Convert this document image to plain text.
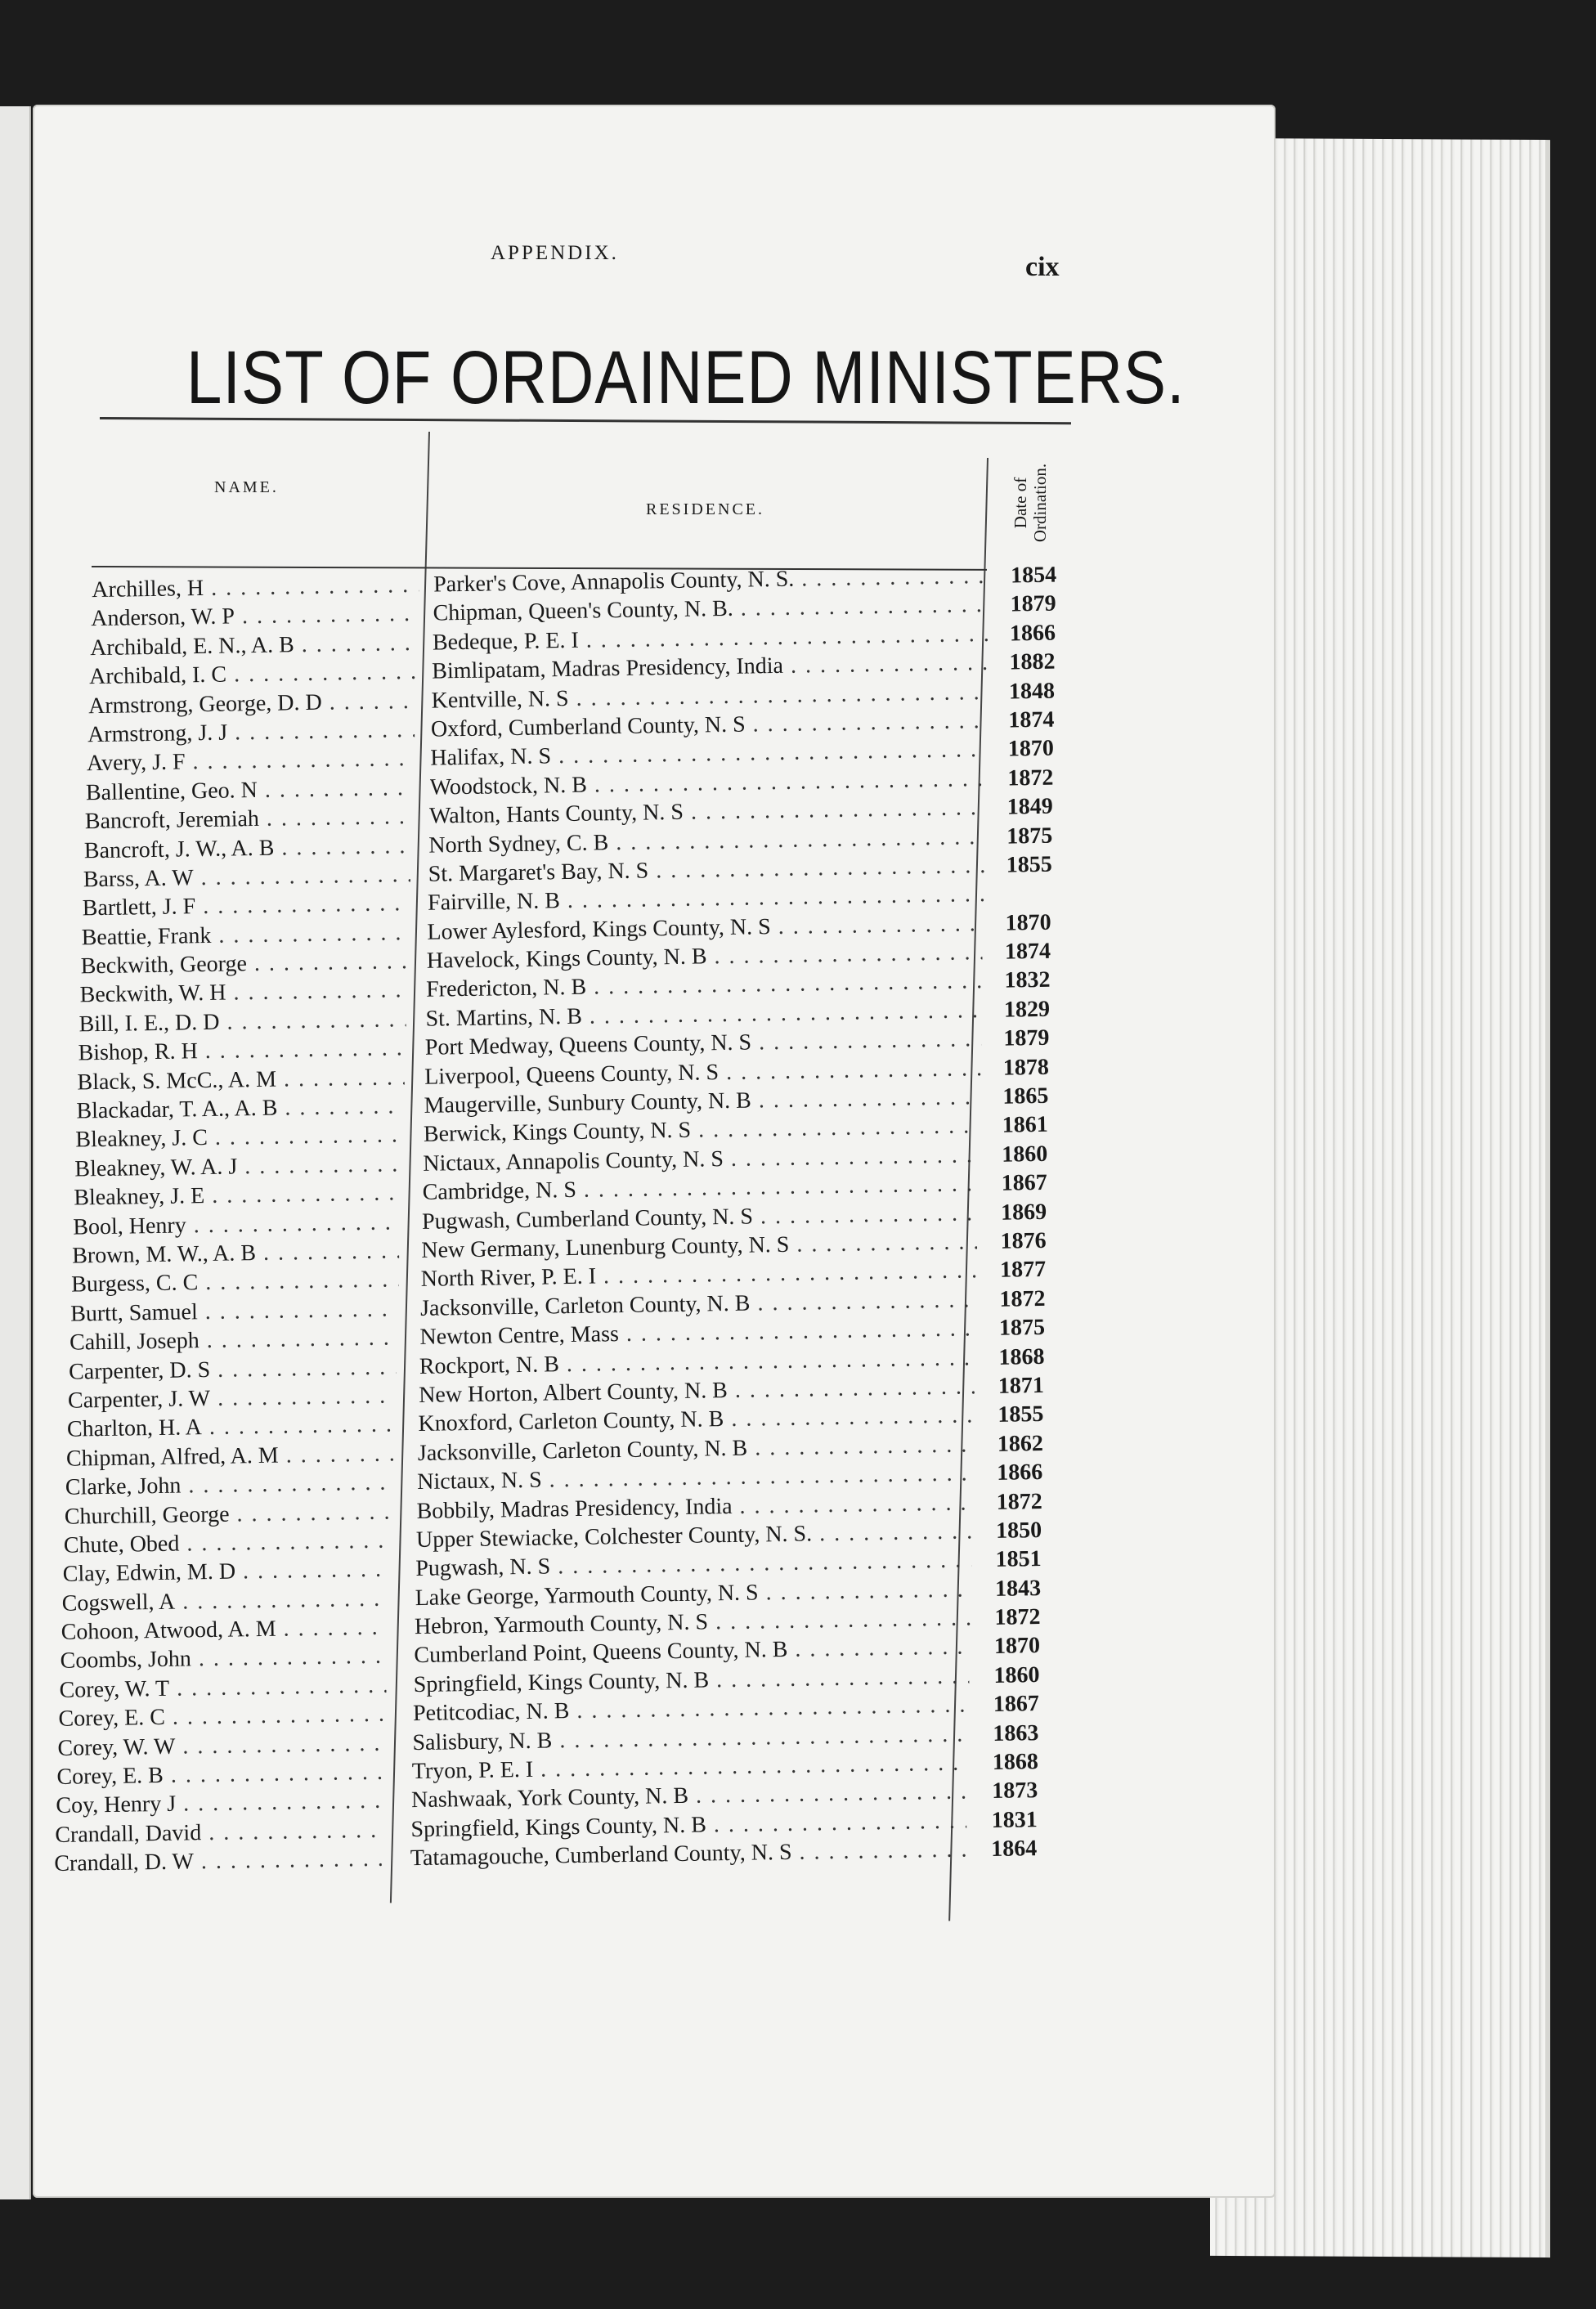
APPENDIX.	cix
LIST OF ORDAINED MINISTERS.
NAME.
RESIDENCE.	Date of Ordination.
Archilles, H . . .	Parker's Cove, Annapolis County, N. S. . . .	1854
Anderson, W. P . . .	Chipman, Queen's County, N. B. . . .	1879
Archibald, E. N., A. B . . .	Bedeque, P. E. I . . .	1866
Archibald, I. C . . .	Bimlipatam, Madras Presidency, India . . .	1882
Armstrong, George, D. D . . .	Kentville, N. S . . .	1848
Armstrong, J. J . . .	Oxford, Cumberland County, N. S . . .	1874
Avery, J. F . . .	Halifax, N. S . . .	1870
Ballentine, Geo. N . . .	Woodstock, N. B . . .	1872
Bancroft, Jeremiah . . .	Walton, Hants County, N. S . . .	1849
Bancroft, J. W., A. B . . .	North Sydney, C. B . . .	1875
Barss, A. W . . .	St. Margaret's Bay, N. S . . .	1855
Bartlett, J. F . . .	Fairville, N. B . . .
Beattie, Frank . . .	Lower Aylesford, Kings County, N. S . . .	1870
Beckwith, George . . .	Havelock, Kings County, N. B . . .	1874
Beckwith, W. H . . .	Fredericton, N. B . . .	1832
Bill, I. E., D. D . . .	St. Martins, N. B . . .	1829
Bishop, R. H . . .	Port Medway, Queens County, N. S . . .	1879
Black, S. McC., A. M . . .	Liverpool, Queens County, N. S . . .	1878
Blackadar, T. A., A. B . . .	Maugerville, Sunbury County, N. B . . .	1865
Bleakney, J. C . . .	Berwick, Kings County, N. S . . .	1861
Bleakney, W. A. J . . .	Nictaux, Annapolis County, N. S . . .	1860
Bleakney, J. E . . .	Cambridge, N. S . . .	1867
Bool, Henry . . .	Pugwash, Cumberland County, N. S . . .	1869
Brown, M. W., A. B . . .	New Germany, Lunenburg County, N. S . . .	1876
Burgess, C. C . . .	North River, P. E. I . . .	1877
Burtt, Samuel . . .	Jacksonville, Carleton County, N. B . . .	1872
Cahill, Joseph . . .	Newton Centre, Mass . . .	1875
Carpenter, D. S . . .	Rockport, N. B . . .	1868
Carpenter, J. W . . .	New Horton, Albert County, N. B . . .	1871
Charlton, H. A . . .	Knoxford, Carleton County, N. B . . .	1855
Chipman, Alfred, A. M . . .	Jacksonville, Carleton County, N. B . . .	1862
Clarke, John . . .	Nictaux, N. S . . .	1866
Churchill, George . . .	Bobbily, Madras Presidency, India . . .	1872
Chute, Obed . . .	Upper Stewiacke, Colchester County, N. S. . . .	1850
Clay, Edwin, M. D . . .	Pugwash, N. S . . .	1851
Cogswell, A . . .	Lake George, Yarmouth County, N. S . . .	1843
Cohoon, Atwood, A. M . . .	Hebron, Yarmouth County, N. S . . .	1872
Coombs, John . . .	Cumberland Point, Queens County, N. B . . .	1870
Corey, W. T . . .	Springfield, Kings County, N. B . . .	1860
Corey, E. C . . .	Petitcodiac, N. B . . .	1867
Corey, W. W . . .	Salisbury, N. B . . .	1863
Corey, E. B . . .	Tryon, P. E. I . . .	1868
Coy, Henry J . . .	Nashwaak, York County, N. B . . .	1873
Crandall, David . . .	Springfield, Kings County, N. B . . .	1831
Crandall, D. W . . .	Tatamagouche, Cumberland County, N. S . . .	1864
